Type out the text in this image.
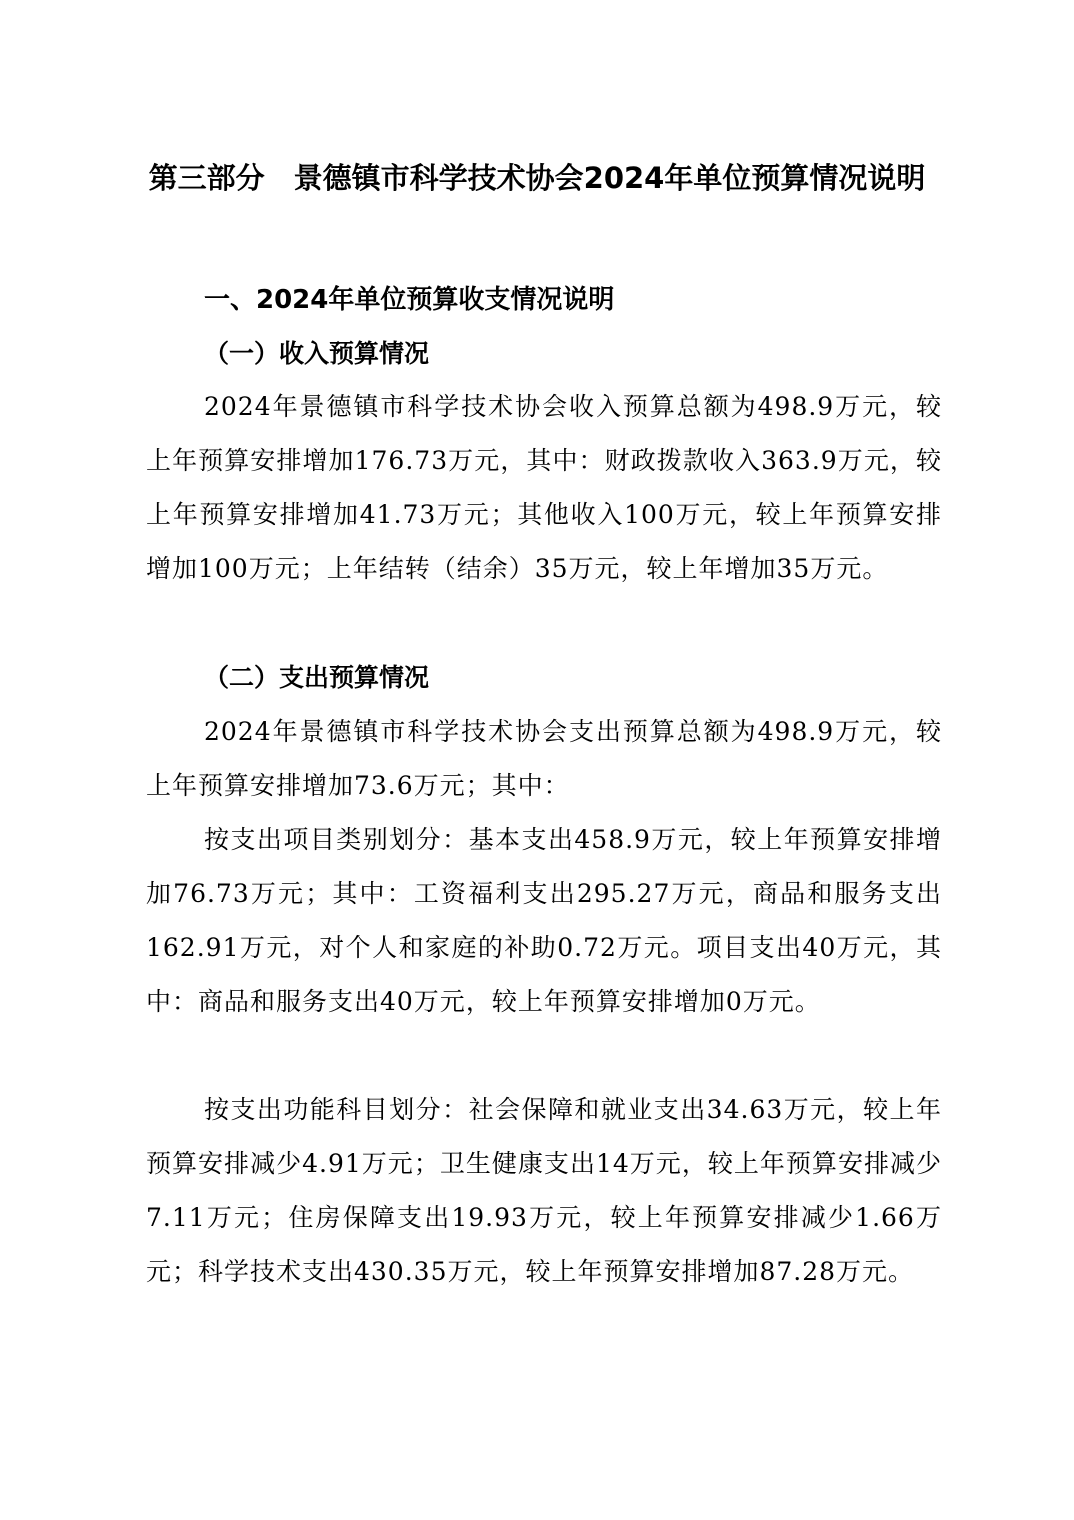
第三部分　景德镇市科学技术协会2024年单位预算情况说明
一、2024年单位预算收支情况说明
（一）收入预算情况

2024年景德镇市科学技术协会收入预算总额为498.9万元，较上年预算安排增加176.73万元，其中：财政拨款收入363.9万元，较上年预算安排增加41.73万元；其他收入100万元，较上年预算安排增加100万元；上年结转（结余）35万元，较上年增加35万元。

（二）支出预算情况

2024年景德镇市科学技术协会支出预算总额为498.9万元，较上年预算安排增加73.6万元；其中：

按支出项目类别划分：基本支出458.9万元，较上年预算安排增加76.73万元；其中：工资福利支出295.27万元，商品和服务支出162.91万元，对个人和家庭的补助0.72万元。项目支出40万元，其中：商品和服务支出40万元，较上年预算安排增加0万元。

按支出功能科目划分：社会保障和就业支出34.63万元，较上年预算安排减少4.91万元；卫生健康支出14万元，较上年预算安排减少7.11万元；住房保障支出19.93万元，较上年预算安排减少1.66万元；科学技术支出430.35万元，较上年预算安排增加87.28万元。
